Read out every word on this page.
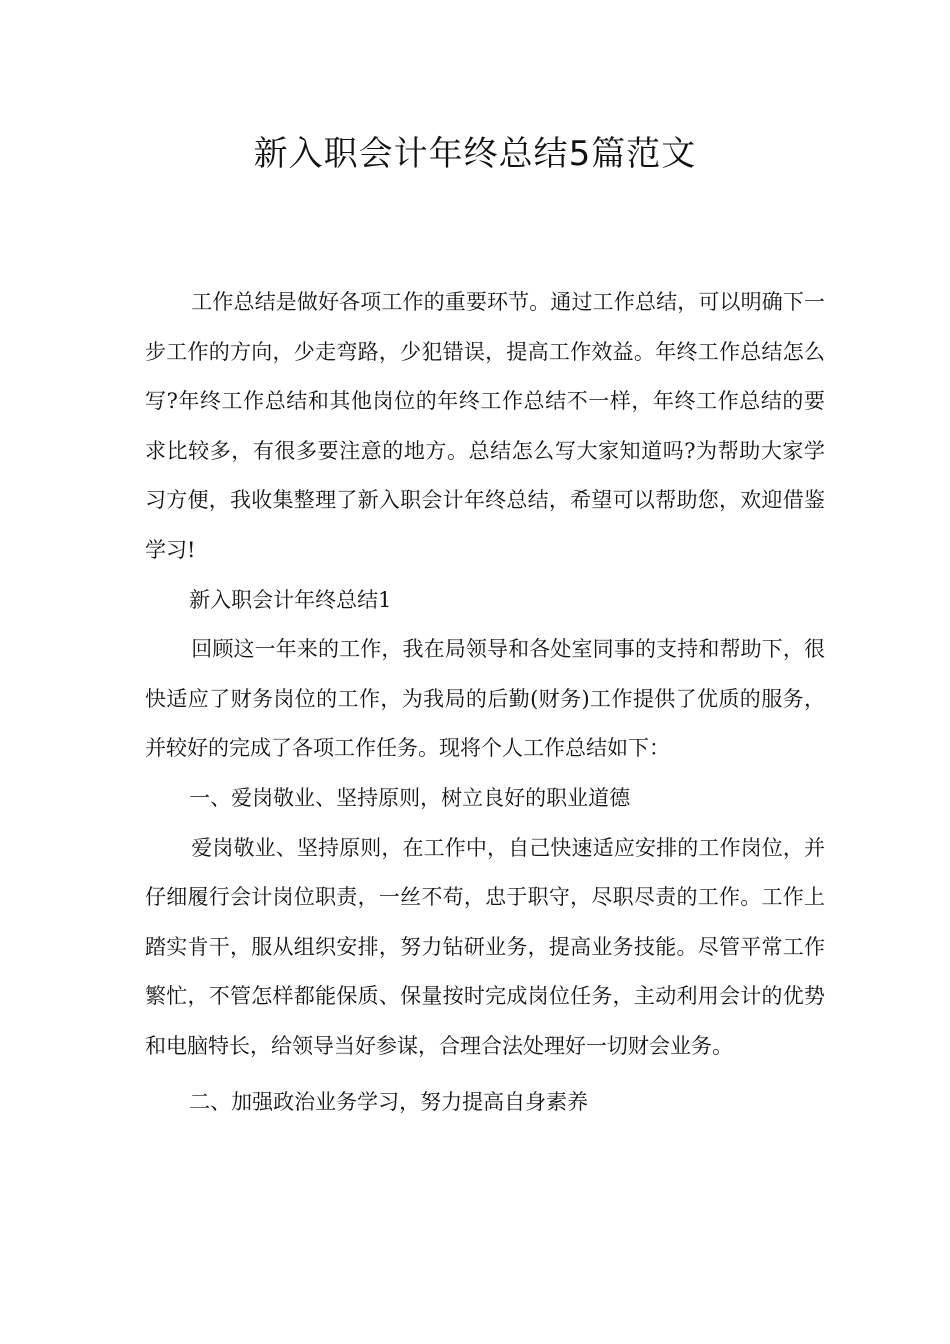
新入职会计年终总结5篇范文

工作总结是做好各项工作的重要环节。通过工作总结，可以明确下一步工作的方向，少走弯路，少犯错误，提高工作效益。年终工作总结怎么写?年终工作总结和其他岗位的年终工作总结不一样，年终工作总结的要求比较多，有很多要注意的地方。总结怎么写大家知道吗?为帮助大家学习方便，我收集整理了新入职会计年终总结，希望可以帮助您，欢迎借鉴学习!

新入职会计年终总结1

回顾这一年来的工作，我在局领导和各处室同事的支持和帮助下，很快适应了财务岗位的工作，为我局的后勤(财务)工作提供了优质的服务，并较好的完成了各项工作任务。现将个人工作总结如下：

一、爱岗敬业、坚持原则，树立良好的职业道德

爱岗敬业、坚持原则，在工作中，自己快速适应安排的工作岗位，并仔细履行会计岗位职责，一丝不苟，忠于职守，尽职尽责的工作。工作上踏实肯干，服从组织安排，努力钻研业务，提高业务技能。尽管平常工作繁忙，不管怎样都能保质、保量按时完成岗位任务，主动利用会计的优势和电脑特长，给领导当好参谋，合理合法处理好一切财会业务。

二、加强政治业务学习，努力提高自身素养
